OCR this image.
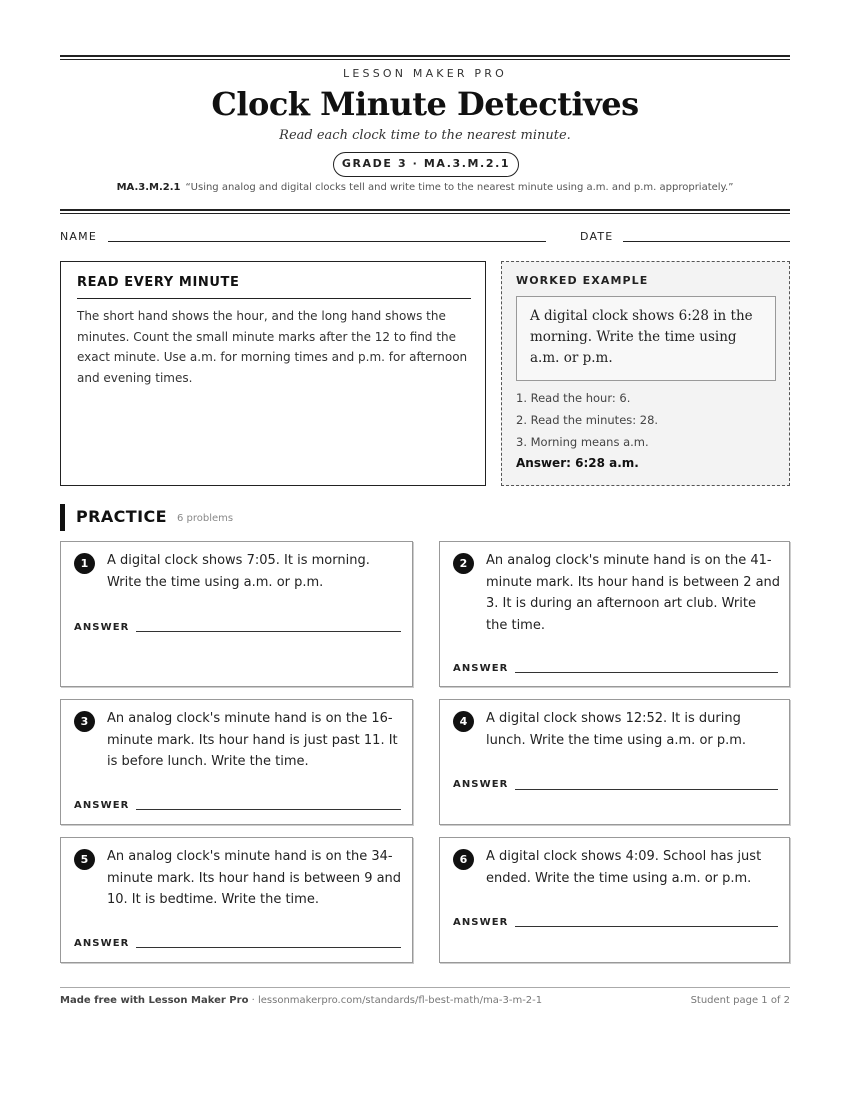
LESSON MAKER PRO
Clock Minute Detectives
Read each clock time to the nearest minute.
GRADE 3 · MA.3.M.2.1
MA.3.M.2.1 “Using analog and digital clocks tell and write time to the nearest minute using a.m. and p.m. appropriately.”
NAME	DATE
READ EVERY MINUTE
The short hand shows the hour, and the long hand shows the minutes. Count the small minute marks after the 12 to find the exact minute. Use a.m. for morning times and p.m. for afternoon and evening times.
WORKED EXAMPLE
A digital clock shows 6:28 in the morning. Write the time using a.m. or p.m.
1. Read the hour: 6.
2. Read the minutes: 28.
3. Morning means a.m.
Answer: 6:28 a.m.
PRACTICE 6 problems
1	A digital clock shows 7:05. It is morning. Write the time using a.m. or p.m.
ANSWER
2	An analog clock's minute hand is on the 41-minute mark. Its hour hand is between 2 and 3. It is during an afternoon art club. Write the time.
ANSWER
3	An analog clock's minute hand is on the 16-minute mark. Its hour hand is just past 11. It is before lunch. Write the time.
ANSWER
4	A digital clock shows 12:52. It is during lunch. Write the time using a.m. or p.m.
ANSWER
5	An analog clock's minute hand is on the 34-minute mark. Its hour hand is between 9 and 10. It is bedtime. Write the time.
ANSWER
6	A digital clock shows 4:09. School has just ended. Write the time using a.m. or p.m.
ANSWER
Made free with Lesson Maker Pro · lessonmakerpro.com/standards/fl-best-math/ma-3-m-2-1	Student page 1 of 2
